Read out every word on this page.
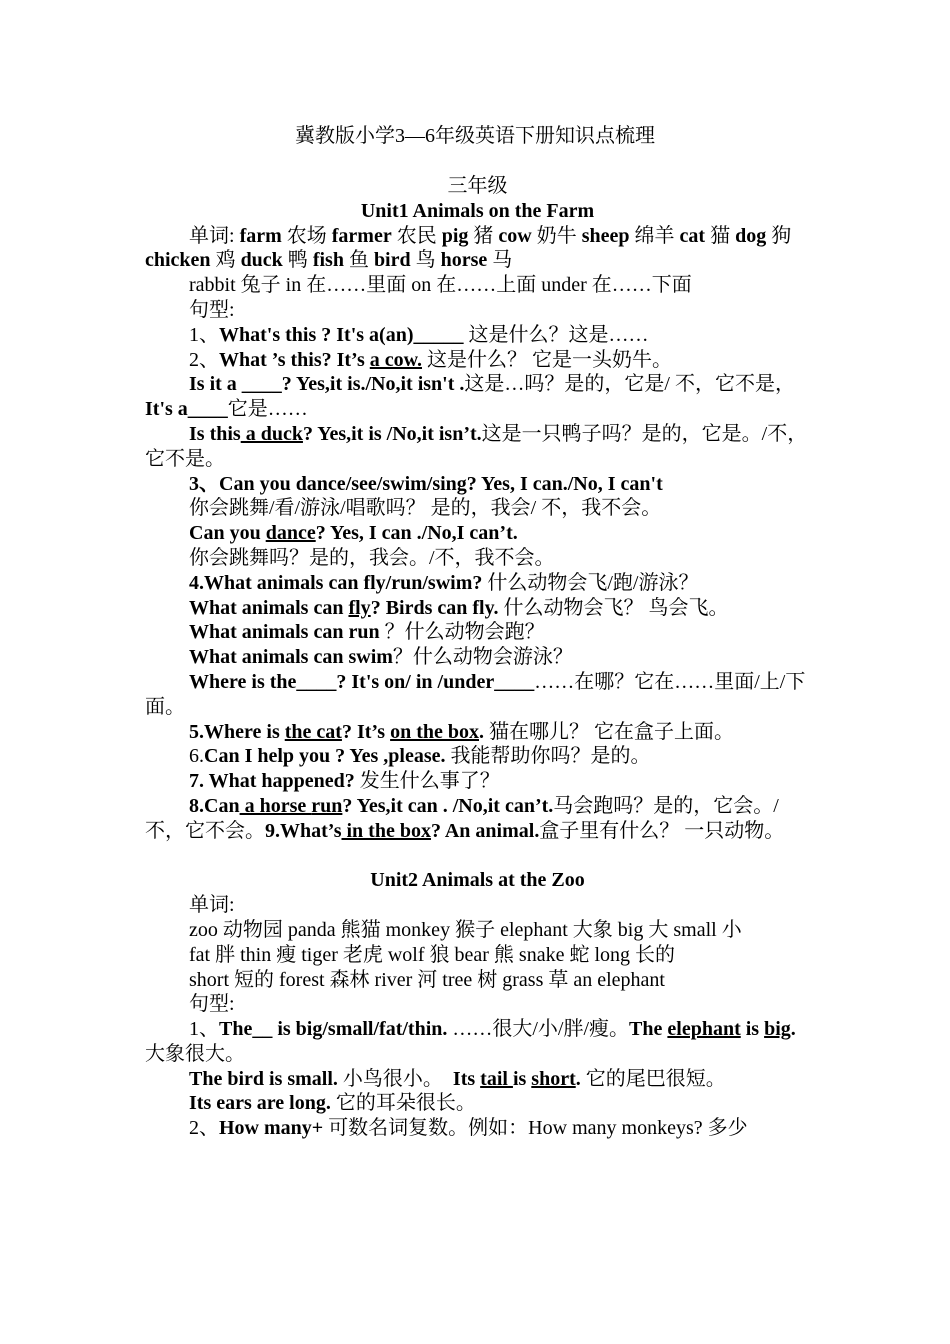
冀教版小学3—6年级英语下册知识点梳理
三年级
Unit1 Animals on the Farm
单词: farm 农场 farmer 农民 pig 猪 cow 奶牛 sheep 绵羊 cat 猫 dog 狗 chicken 鸡 duck 鸭 fish 鱼 bird 鸟 horse 马
rabbit 兔子 in 在……里面 on 在……上面 under 在……下面
句型:
1、What's this ? It's a(an)_____ 这是什么？这是……
2、What ’s this? It’s a cow. 这是什么？ 它是一头奶牛。
Is it a ____? Yes,it is./No,it isn't .这是…吗？是的，它是/ 不，它不是，It's a____它是……
Is this a duck? Yes,it is /No,it isn’t.这是一只鸭子吗？是的，它是。/不，它不是。
3、Can you dance/see/swim/sing? Yes, I can./No, I can't
你会跳舞/看/游泳/唱歌吗？ 是的，我会/ 不，我不会。
Can you dance? Yes, I can ./No,I can’t.
你会跳舞吗？是的，我会。/不，我不会。
4.What animals can fly/run/swim? 什么动物会飞/跑/游泳？
What animals can fly? Birds can fly. 什么动物会飞？ 鸟会飞。
What animals can run ？什么动物会跑？
What animals can swim？什么动物会游泳？
Where is the____? It's on/ in /under____……在哪？它在……里面/上/下面。
5.Where is the cat? It’s on the box. 猫在哪儿？ 它在盒子上面。
6.Can I help you ? Yes ,please. 我能帮助你吗？是的。
7. What happened? 发生什么事了？
8.Can a horse run? Yes,it can . /No,it can’t.马会跑吗？是的，它会。/不，它不会。9.What’s in the box? An animal.盒子里有什么？ 一只动物。
Unit2 Animals at the Zoo
单词:
zoo 动物园 panda 熊猫 monkey 猴子 elephant 大象 big 大 small 小
fat 胖 thin 瘦 tiger 老虎 wolf 狼 bear 熊 snake 蛇 long 长的
short 短的 forest 森林 river 河 tree 树 grass 草 an elephant
句型:
1、The__ is big/small/fat/thin. ……很大/小/胖/瘦。The elephant is big. 大象很大。
The bird is small. 小鸟很小。 Its tail is short. 它的尾巴很短。
Its ears are long. 它的耳朵很长。
2、How many+ 可数名词复数。例如：How many monkeys? 多少
